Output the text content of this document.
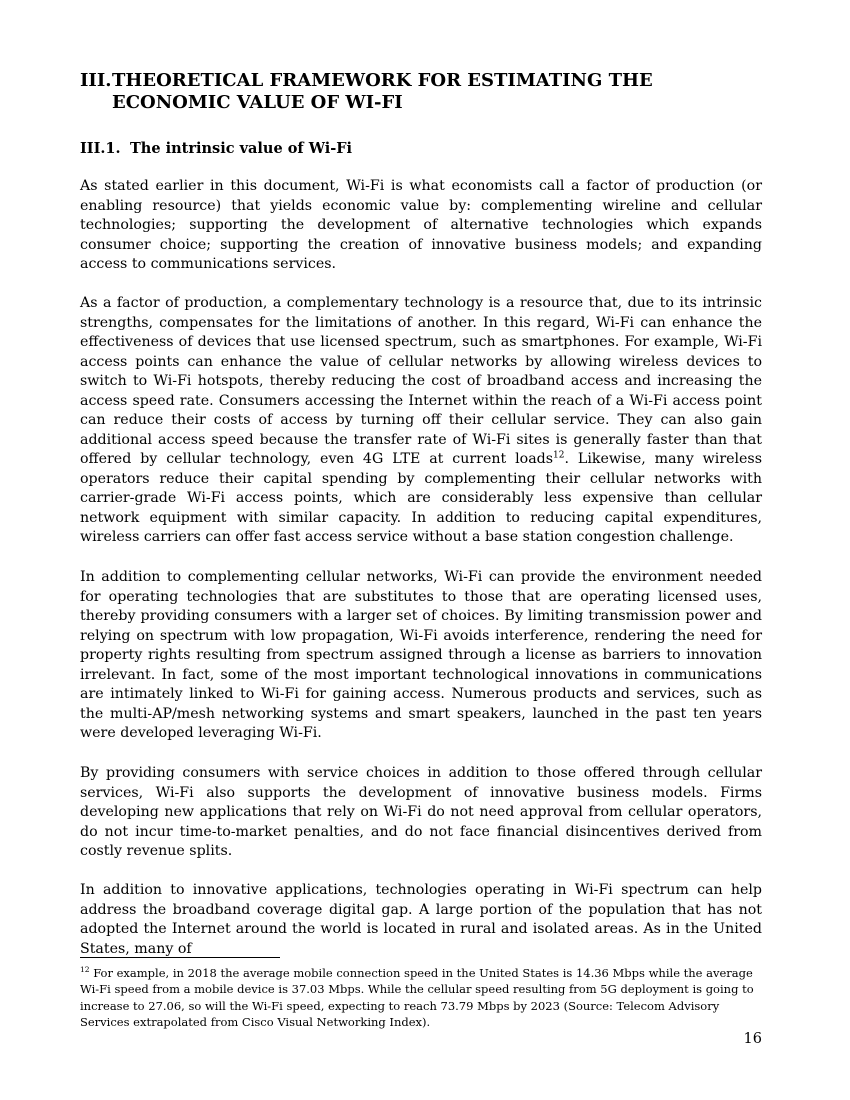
III. THEORETICAL FRAMEWORK FOR ESTIMATING THE ECONOMIC VALUE OF WI-FI
III.1. The intrinsic value of Wi-Fi

As stated earlier in this document, Wi-Fi is what economists call a factor of production (or enabling resource) that yields economic value by: complementing wireline and cellular technologies; supporting the development of alternative technologies which expands consumer choice; supporting the creation of innovative business models; and expanding access to communications services.

As a factor of production, a complementary technology is a resource that, due to its intrinsic strengths, compensates for the limitations of another. In this regard, Wi-Fi can enhance the effectiveness of devices that use licensed spectrum, such as smartphones. For example, Wi-Fi access points can enhance the value of cellular networks by allowing wireless devices to switch to Wi-Fi hotspots, thereby reducing the cost of broadband access and increasing the access speed rate. Consumers accessing the Internet within the reach of a Wi-Fi access point can reduce their costs of access by turning off their cellular service. They can also gain additional access speed because the transfer rate of Wi-Fi sites is generally faster than that offered by cellular technology, even 4G LTE at current loads$^{12}$. Likewise, many wireless operators reduce their capital spending by complementing their cellular networks with carrier-grade Wi-Fi access points, which are considerably less expensive than cellular network equipment with similar capacity. In addition to reducing capital expenditures, wireless carriers can offer fast access service without a base station congestion challenge.

In addition to complementing cellular networks, Wi-Fi can provide the environment needed for operating technologies that are substitutes to those that are operating licensed uses, thereby providing consumers with a larger set of choices. By limiting transmission power and relying on spectrum with low propagation, Wi-Fi avoids interference, rendering the need for property rights resulting from spectrum assigned through a license as barriers to innovation irrelevant. In fact, some of the most important technological innovations in communications are intimately linked to Wi-Fi for gaining access. Numerous products and services, such as the multi-AP/mesh networking systems and smart speakers, launched in the past ten years were developed leveraging Wi-Fi.

By providing consumers with service choices in addition to those offered through cellular services, Wi-Fi also supports the development of innovative business models. Firms developing new applications that rely on Wi-Fi do not need approval from cellular operators, do not incur time-to-market penalties, and do not face financial disincentives derived from costly revenue splits.

In addition to innovative applications, technologies operating in Wi-Fi spectrum can help address the broadband coverage digital gap. A large portion of the population that has not adopted the Internet around the world is located in rural and isolated areas. As in the United States, many of

$^{12}$ For example, in 2018 the average mobile connection speed in the United States is 14.36 Mbps while the average Wi-Fi speed from a mobile device is 37.03 Mbps. While the cellular speed resulting from 5G deployment is going to increase to 27.06, so will the Wi-Fi speed, expecting to reach 73.79 Mbps by 2023 (Source: Telecom Advisory Services extrapolated from Cisco Visual Networking Index).
16
